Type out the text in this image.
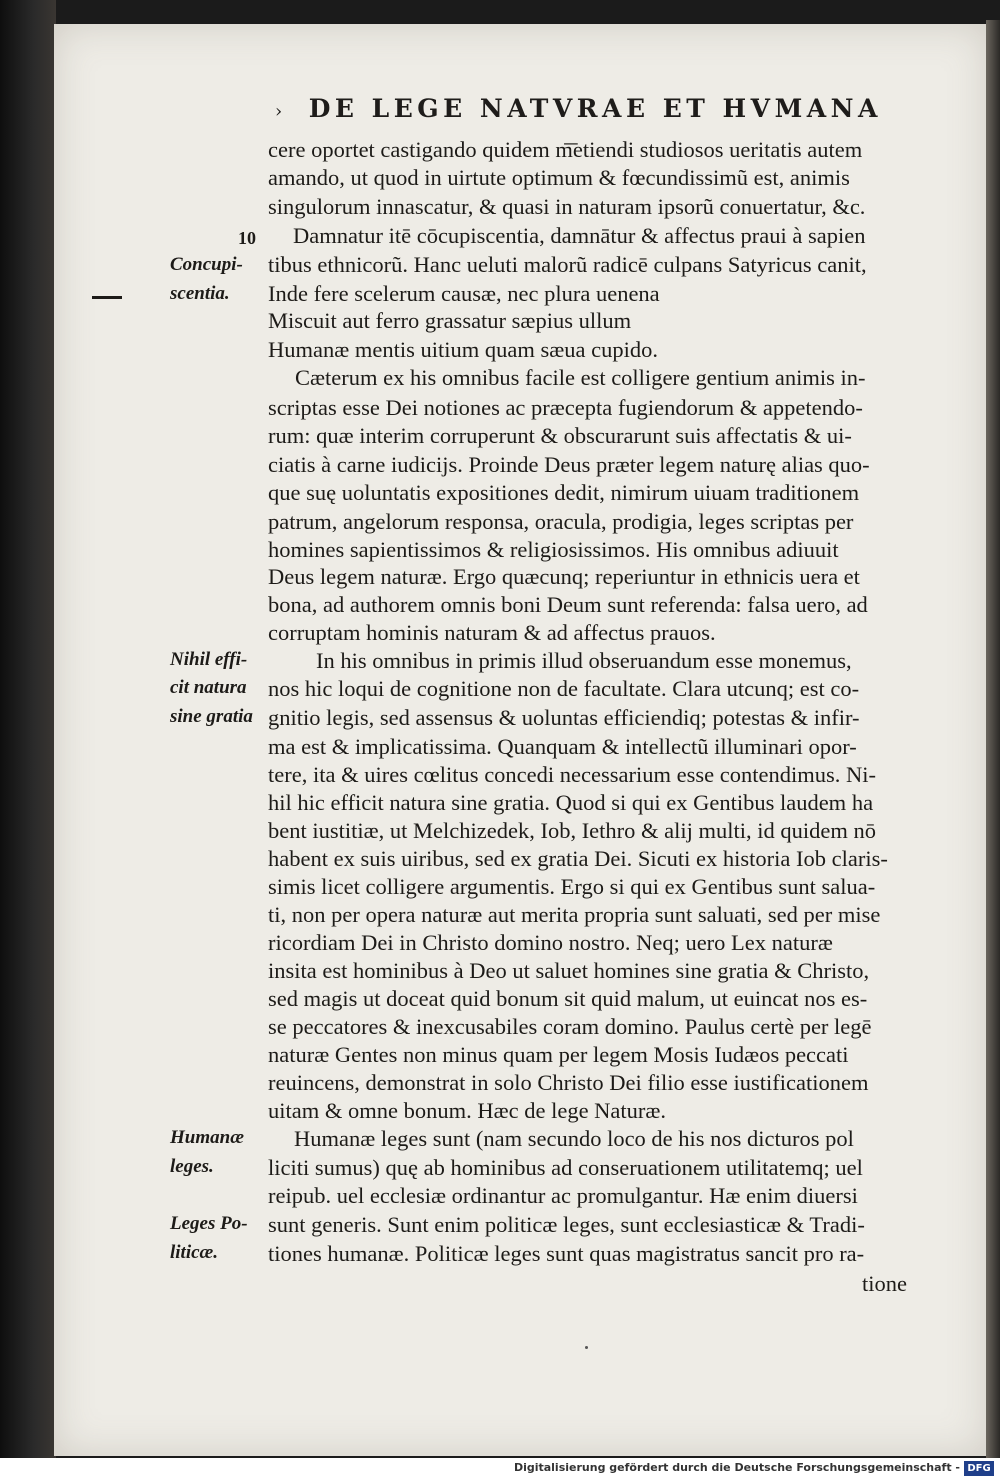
› DE LEGE NATVRAE ET HVMANA
10
Concupi-
scentia.
Nihil effi-
cit natura
sine gratia
Humanæ
leges.
Leges Po-
liticæ.
cere oportet castigando quidem m͞etiendi studiosos ueritatis autem
amando, ut quod in uirtute optimum & fœcundissimũ est, animis
singulorum innascatur, & quasi in naturam ipsorũ conuertatur, &c.
Damnatur itē cōcupiscentia, damnātur & affectus praui à sapien
tibus ethnicorũ. Hanc ueluti malorũ radicē culpans Satyricus canit,
Inde fere scelerum causæ, nec plura uenena
Miscuit aut ferro grassatur sæpius ullum
Humanæ mentis uitium quam sæua cupido.
Cæterum ex his omnibus facile est colligere gentium animis in-
scriptas esse Dei notiones ac præcepta fugiendorum & appetendo-
rum: quæ interim corruperunt & obscurarunt suis affectatis & ui-
ciatis à carne iudicijs. Proinde Deus præter legem naturę alias quo-
que suę uoluntatis expositiones dedit, nimirum uiuam traditionem
patrum, angelorum responsa, oracula, prodigia, leges scriptas per
homines sapientissimos & religiosissimos. His omnibus adiuuit
Deus legem naturæ. Ergo quæcunq; reperiuntur in ethnicis uera et
bona, ad authorem omnis boni Deum sunt referenda: falsa uero, ad
corruptam hominis naturam & ad affectus prauos.
In his omnibus in primis illud obseruandum esse monemus,
nos hic loqui de cognitione non de facultate. Clara utcunq; est co-
gnitio legis, sed assensus & uoluntas efficiendiq; potestas & infir-
ma est & implicatissima. Quanquam & intellectũ illuminari opor-
tere, ita & uires cœlitus concedi necessarium esse contendimus. Ni-
hil hic efficit natura sine gratia. Quod si qui ex Gentibus laudem ha
bent iustitiæ, ut Melchizedek, Iob, Iethro & alij multi, id quidem nō
habent ex suis uiribus, sed ex gratia Dei. Sicuti ex historia Iob claris-
simis licet colligere argumentis. Ergo si qui ex Gentibus sunt salua-
ti, non per opera naturæ aut merita propria sunt saluati, sed per mise
ricordiam Dei in Christo domino nostro. Neq; uero Lex naturæ
insita est hominibus à Deo ut saluet homines sine gratia & Christo,
sed magis ut doceat quid bonum sit quid malum, ut euincat nos es-
se peccatores & inexcusabiles coram domino. Paulus certè per legē
naturæ Gentes non minus quam per legem Mosis Iudæos peccati
reuincens, demonstrat in solo Christo Dei filio esse iustificationem
uitam & omne bonum. Hæc de lege Naturæ.
Humanæ leges sunt (nam secundo loco de his nos dicturos pol
liciti sumus) quę ab hominibus ad conseruationem utilitatemq; uel
reipub. uel ecclesiæ ordinantur ac promulgantur. Hæ enim diuersi
sunt generis. Sunt enim politicæ leges, sunt ecclesiasticæ & Tradi-
tiones humanæ. Politicæ leges sunt quas magistratus sancit pro ra-
tione
Digitalisierung gefördert durch die Deutsche Forschungsgemeinschaft - DFG
